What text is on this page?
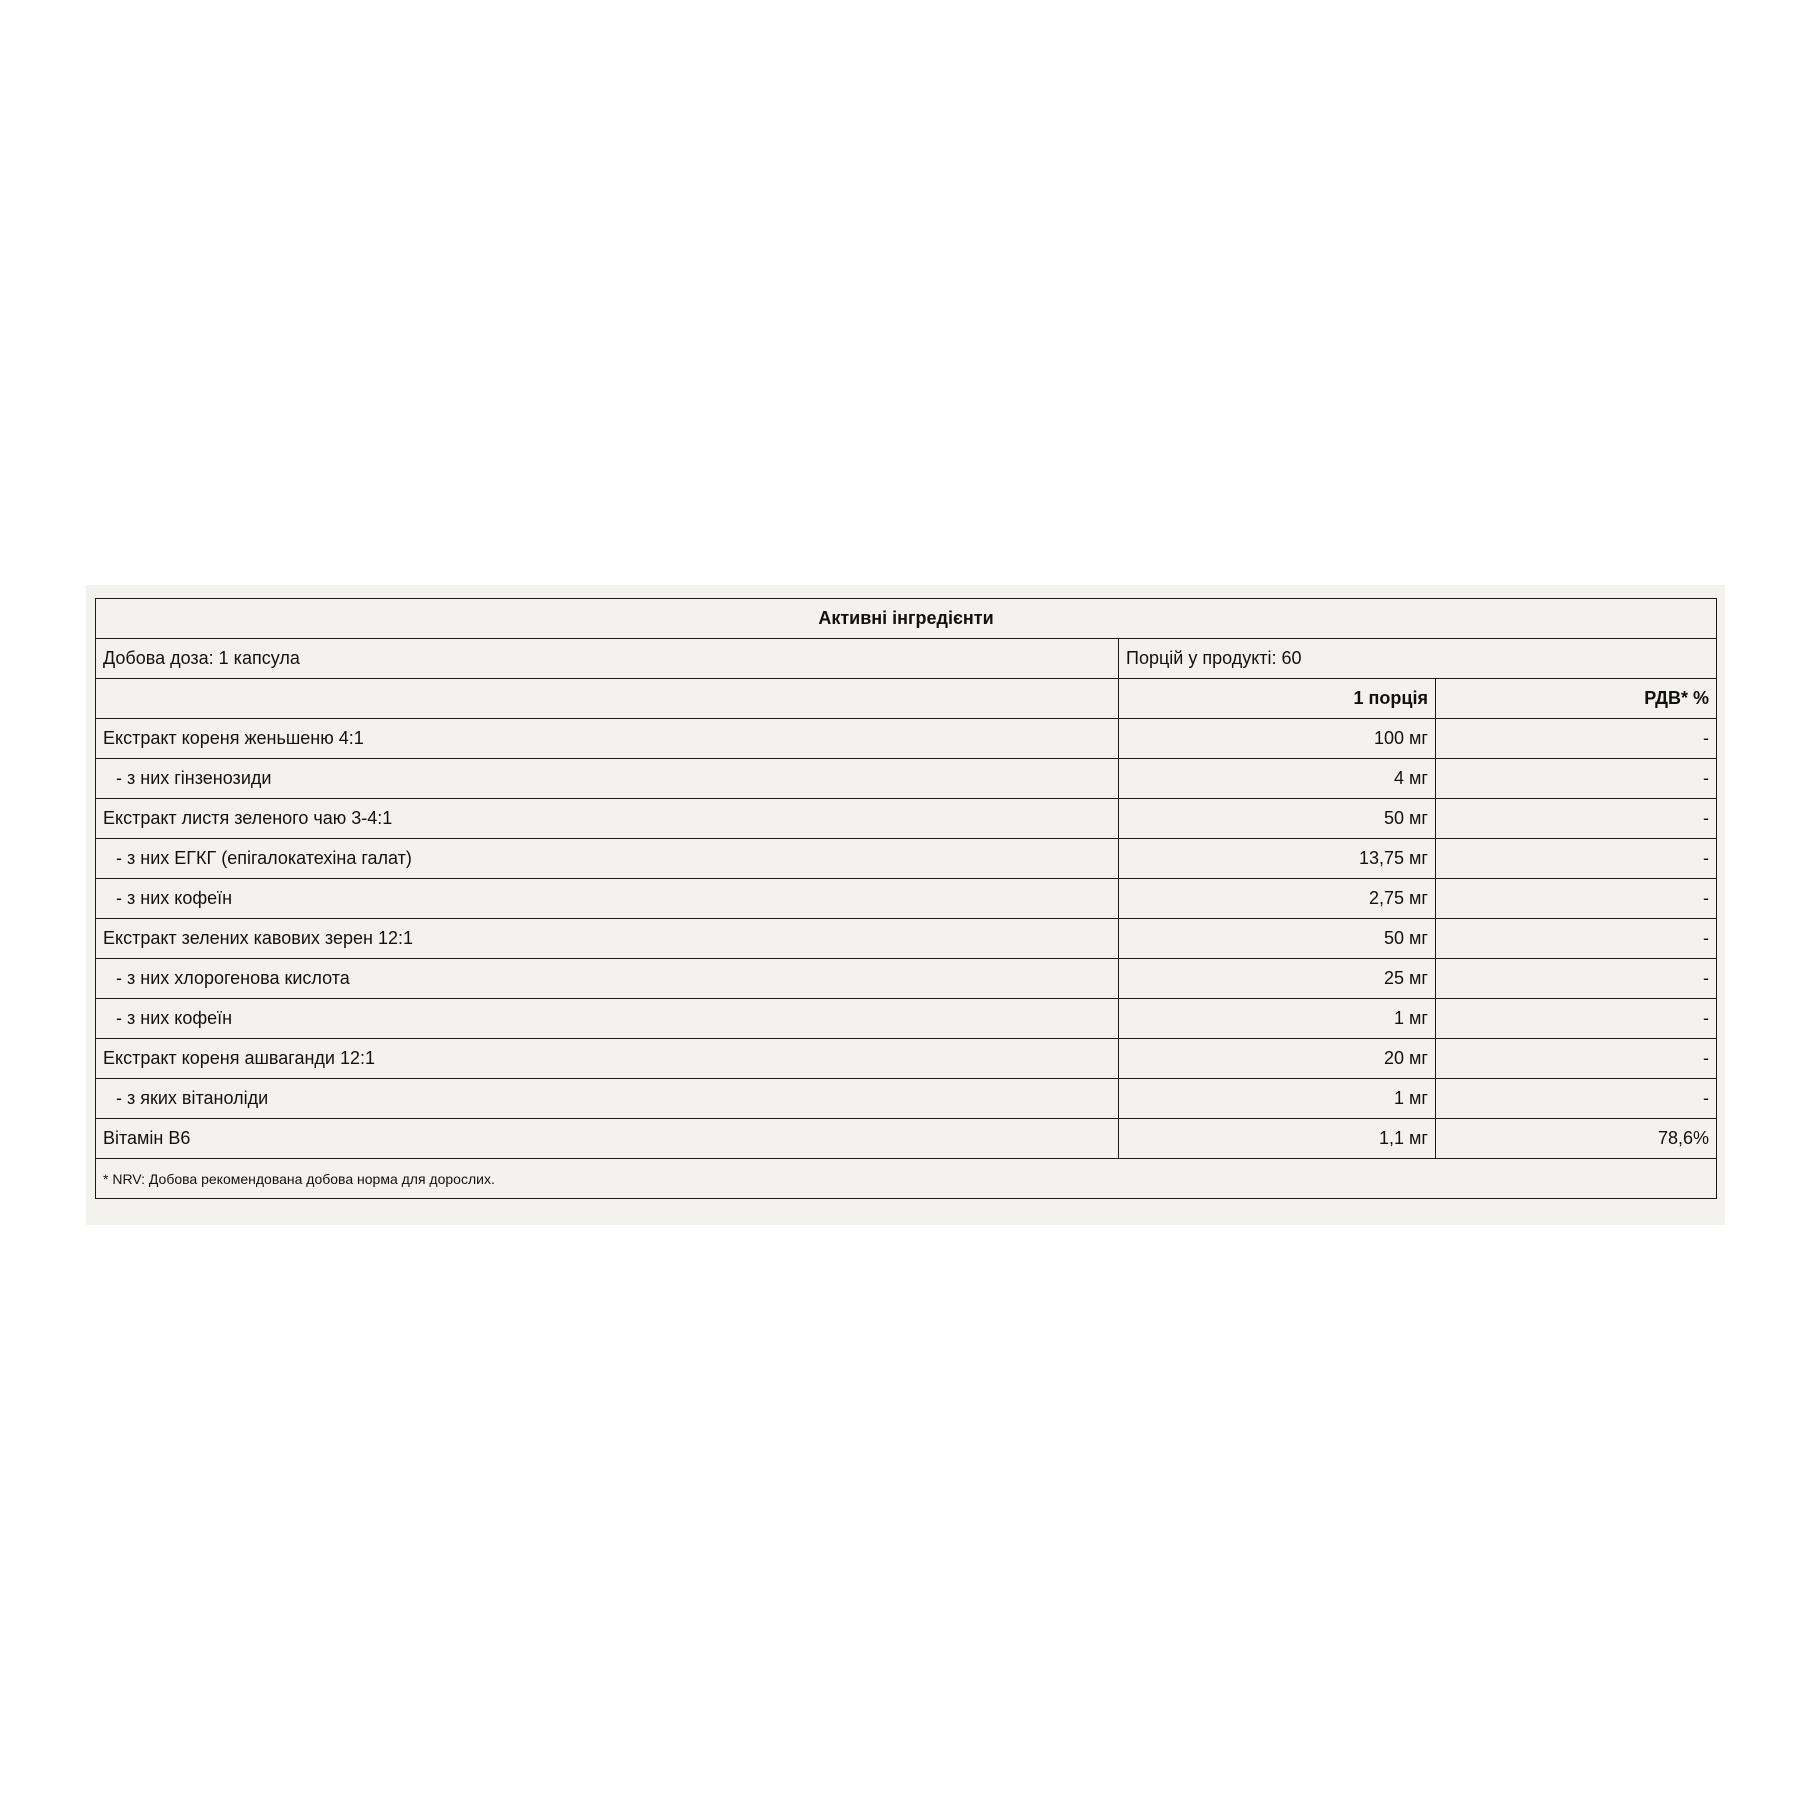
Активні інгредієнти		
Добова доза: 1 капсула	Порцій у продукті: 60	
	1 порція	РДВ* %
Екстракт кореня женьшеню 4:1	100 мг	-
- з них гінзенозиди	4 мг	-
Екстракт листя зеленого чаю 3-4:1	50 мг	-
- з них ЕГКГ (епігалокатехіна галат)	13,75 мг	-
- з них кофеїн	2,75 мг	-
Екстракт зелених кавових зерен 12:1	50 мг	-
- з них хлорогенова кислота	25 мг	-
- з них кофеїн	1 мг	-
Екстракт кореня ашваганди 12:1	20 мг	-
- з яких вітаноліди	1 мг	-
Вітамін В6	1,1 мг	78,6%
* NRV: Добова рекомендована добова норма для дорослих.		
